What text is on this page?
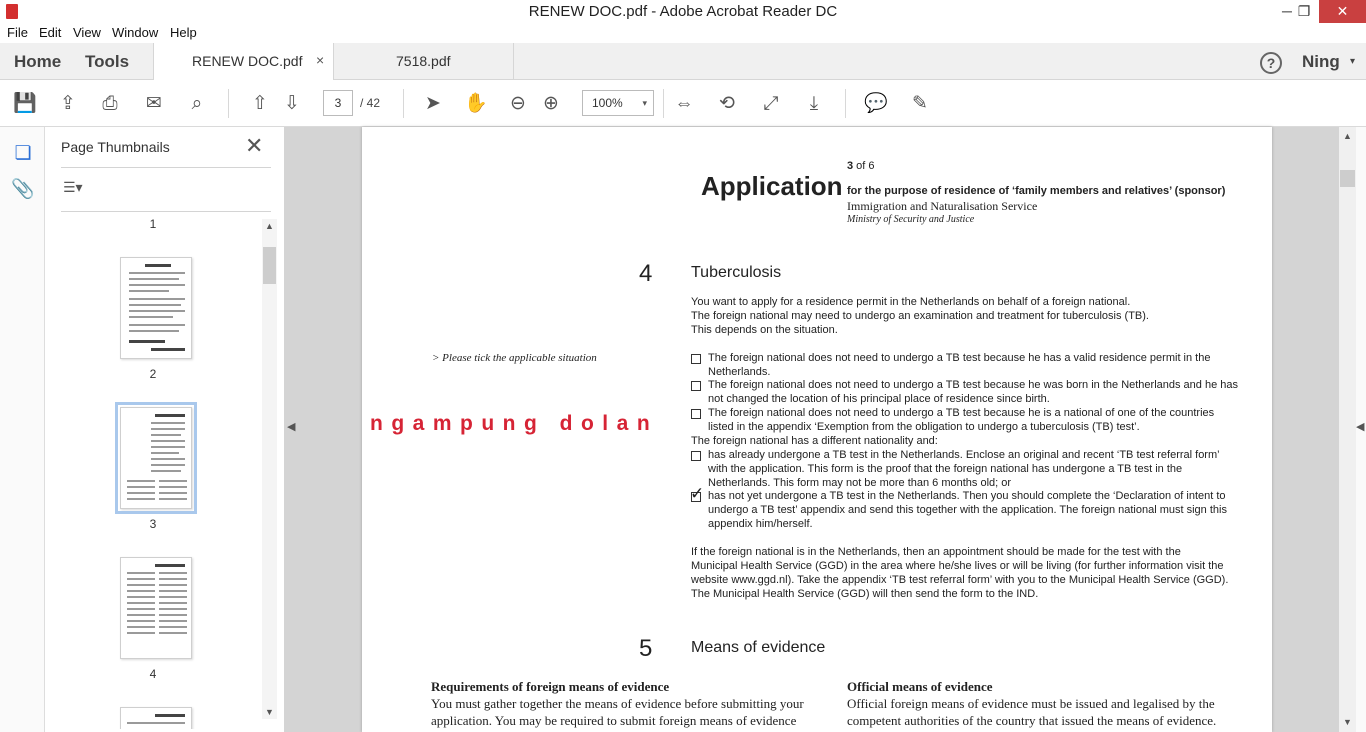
RENEW DOC.pdf - Adobe Acrobat Reader DC	─ ❐	✕
File Edit View Window Help
Home Tools	RENEW DOC.pdf ×	7518.pdf	?	Ning ▾
💾 ⇪ ⎙ ✉	⌕	⇧ ⇩	3	/ 42 ➤ ✋ ⊖ ⊕	100% ▾ ⇔ ⟲ ⤢	⤓	💬 ✎
❏
📎
Page Thumbnails	✕
☰▾
1
2
3
4
▲
▼
◀	ngampung dolan
3 of 6
Application for the purpose of residence of ‘family members and relatives’ (sponsor)
Immigration and Naturalisation Service
Ministry of Security and Justice
4 Tuberculosis
You want to apply for a residence permit in the Netherlands on behalf of a foreign national.
The foreign national may need to undergo an examination and treatment for tuberculosis (TB).
This depends on the situation.
> Please tick the applicable situation	The foreign national does not need to undergo a TB test because he has a valid residence permit in the
Netherlands.
The foreign national does not need to undergo a TB test because he was born in the Netherlands and he has
not changed the location of his principal place of residence since birth.
The foreign national does not need to undergo a TB test because he is a national of one of the countries
listed in the appendix ‘Exemption from the obligation to undergo a tuberculosis (TB) test’.
The foreign national has a different nationality and:
has already undergone a TB test in the Netherlands. Enclose an original and recent ‘TB test referral form’
with the application. This form is the proof that the foreign national has undergone a TB test in the
Netherlands. This form may not be more than 6 months old; or
✓ has not yet undergone a TB test in the Netherlands. Then you should complete the ‘Declaration of intent to
undergo a TB test’ appendix and send this together with the application. The foreign national must sign this
appendix him/herself.
If the foreign national is in the Netherlands, then an appointment should be made for the test with the
Municipal Health Service (GGD) in the area where he/she lives or will be living (for further information visit the
website www.ggd.nl). Take the appendix ‘TB test referral form’ with you to the Municipal Health Service (GGD).
The Municipal Health Service (GGD) will then send the form to the IND.
5 Means of evidence
Requirements of foreign means of evidence
You must gather together the means of evidence before submitting your
application. You may be required to submit foreign means of evidence
Official means of evidence
Official foreign means of evidence must be issued and legalised by the
competent authorities of the country that issued the means of evidence.
▲
▼
◀
